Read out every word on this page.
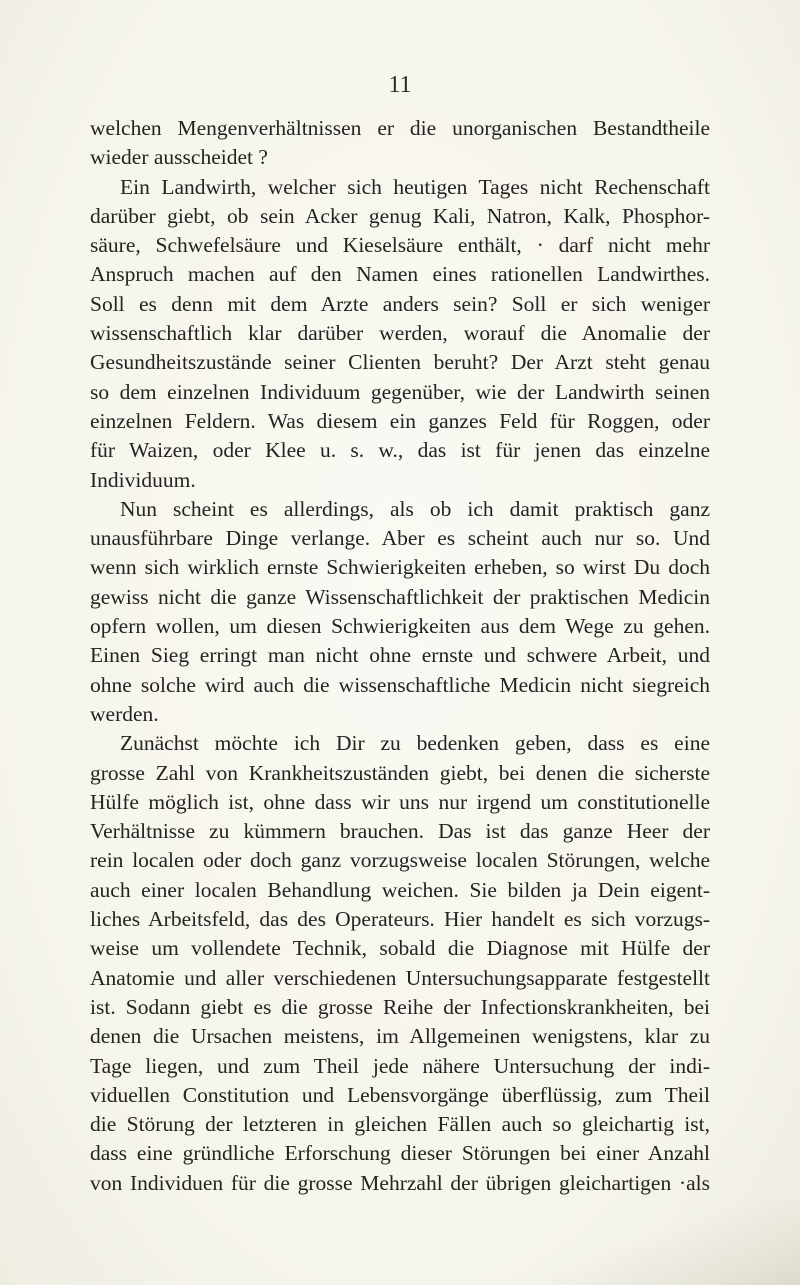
11
welchen Mengenverhältnissen er die unorganischen Bestandtheile
wieder ausscheidet ?
Ein Landwirth, welcher sich heutigen Tages nicht Rechenschaft
darüber giebt, ob sein Acker genug Kali, Natron, Kalk, Phosphor-
säure, Schwefelsäure und Kieselsäure enthält, · darf nicht mehr
Anspruch machen auf den Namen eines rationellen Landwirthes.
Soll es denn mit dem Arzte anders sein? Soll er sich weniger
wissenschaftlich klar darüber werden, worauf die Anomalie der
Gesundheitszustände seiner Clienten beruht? Der Arzt steht genau
so dem einzelnen Individuum gegenüber, wie der Landwirth seinen
einzelnen Feldern. Was diesem ein ganzes Feld für Roggen, oder
für Waizen, oder Klee u. s. w., das ist für jenen das einzelne
Individuum.
Nun scheint es allerdings, als ob ich damit praktisch ganz
unausführbare Dinge verlange. Aber es scheint auch nur so. Und
wenn sich wirklich ernste Schwierigkeiten erheben, so wirst Du doch
gewiss nicht die ganze Wissenschaftlichkeit der praktischen Medicin
opfern wollen, um diesen Schwierigkeiten aus dem Wege zu gehen.
Einen Sieg erringt man nicht ohne ernste und schwere Arbeit, und
ohne solche wird auch die wissenschaftliche Medicin nicht siegreich
werden.
Zunächst möchte ich Dir zu bedenken geben, dass es eine
grosse Zahl von Krankheitszuständen giebt, bei denen die sicherste
Hülfe möglich ist, ohne dass wir uns nur irgend um constitutionelle
Verhältnisse zu kümmern brauchen. Das ist das ganze Heer der
rein localen oder doch ganz vorzugsweise localen Störungen, welche
auch einer localen Behandlung weichen. Sie bilden ja Dein eigent-
liches Arbeitsfeld, das des Operateurs. Hier handelt es sich vorzugs-
weise um vollendete Technik, sobald die Diagnose mit Hülfe der
Anatomie und aller verschiedenen Untersuchungsapparate festgestellt
ist. Sodann giebt es die grosse Reihe der Infectionskrankheiten, bei
denen die Ursachen meistens, im Allgemeinen wenigstens, klar zu
Tage liegen, und zum Theil jede nähere Untersuchung der indi-
viduellen Constitution und Lebensvorgänge überflüssig, zum Theil
die Störung der letzteren in gleichen Fällen auch so gleichartig ist,
dass eine gründliche Erforschung dieser Störungen bei einer Anzahl
von Individuen für die grosse Mehrzahl der übrigen gleichartigen ·als
